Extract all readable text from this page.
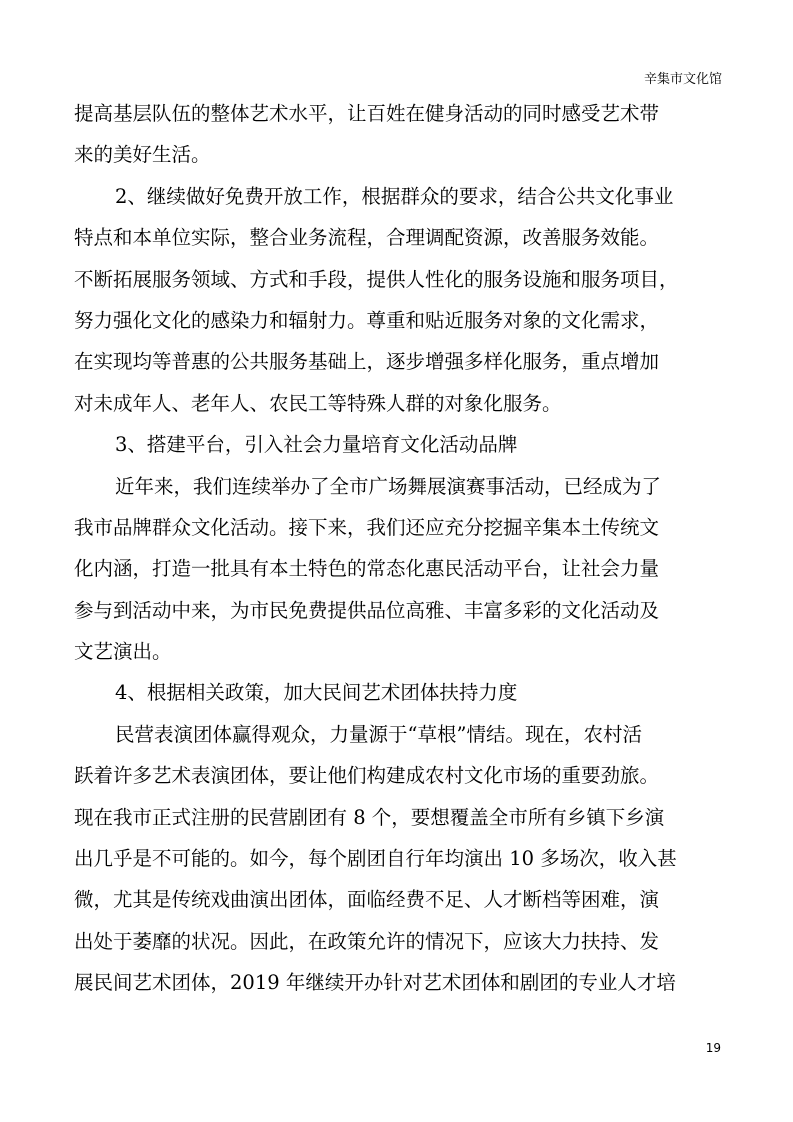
辛集市文化馆
提高基层队伍的整体艺术水平，让百姓在健身活动的同时感受艺术带
来的美好生活。
2、继续做好免费开放工作，根据群众的要求，结合公共文化事业
特点和本单位实际，整合业务流程，合理调配资源，改善服务效能。
不断拓展服务领域、方式和手段，提供人性化的服务设施和服务项目，
努力强化文化的感染力和辐射力。尊重和贴近服务对象的文化需求，
在实现均等普惠的公共服务基础上，逐步增强多样化服务，重点增加
对未成年人、老年人、农民工等特殊人群的对象化服务。
3、搭建平台，引入社会力量培育文化活动品牌
近年来，我们连续举办了全市广场舞展演赛事活动，已经成为了
我市品牌群众文化活动。接下来，我们还应充分挖掘辛集本土传统文
化内涵，打造一批具有本土特色的常态化惠民活动平台，让社会力量
参与到活动中来，为市民免费提供品位高雅、丰富多彩的文化活动及
文艺演出。
4、根据相关政策，加大民间艺术团体扶持力度
民营表演团体赢得观众，力量源于“草根”情结。现在，农村活
跃着许多艺术表演团体，要让他们构建成农村文化市场的重要劲旅。
现在我市正式注册的民营剧团有 8 个，要想覆盖全市所有乡镇下乡演
出几乎是不可能的。如今，每个剧团自行年均演出 10 多场次，收入甚
微，尤其是传统戏曲演出团体，面临经费不足、人才断档等困难，演
出处于萎靡的状况。因此，在政策允许的情况下，应该大力扶持、发
展民间艺术团体，2019 年继续开办针对艺术团体和剧团的专业人才培
19
